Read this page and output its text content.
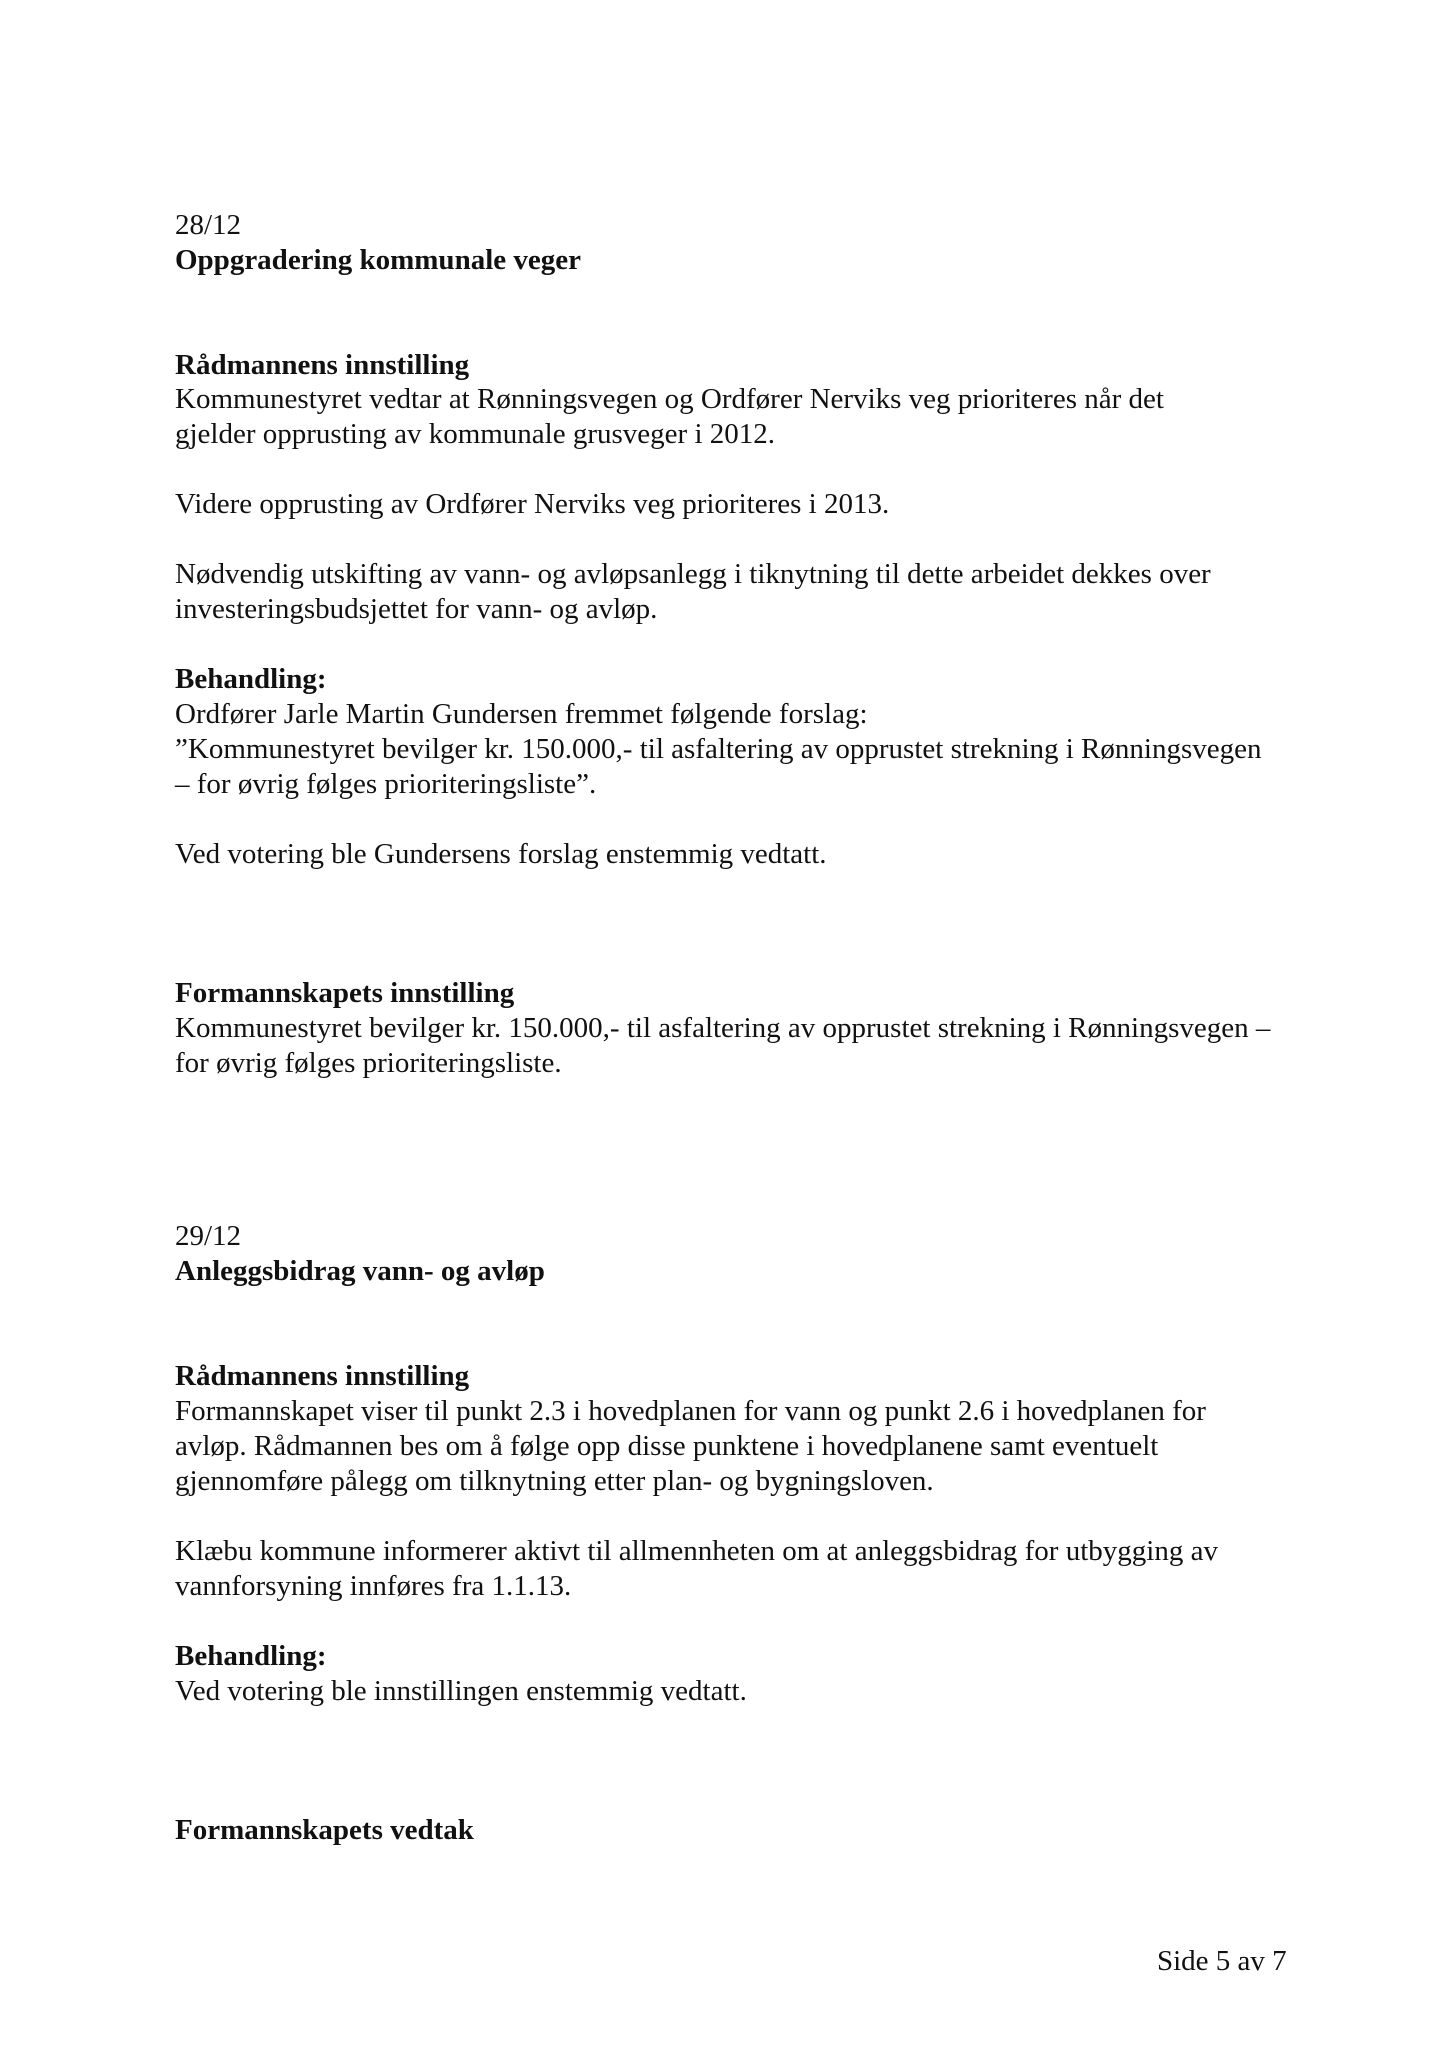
28/12

Oppgradering kommunale veger

Rådmannens innstilling

Kommunestyret vedtar at Rønningsvegen og Ordfører Nerviks veg prioriteres når det

gjelder opprusting av kommunale grusveger i 2012.

Videre opprusting av Ordfører Nerviks veg prioriteres i 2013.

Nødvendig utskifting av vann- og avløpsanlegg i tiknytning til dette arbeidet dekkes over

investeringsbudsjettet for vann- og avløp.

Behandling:

Ordfører Jarle Martin Gundersen fremmet følgende forslag:

”Kommunestyret bevilger kr. 150.000,- til asfaltering av opprustet strekning i Rønningsvegen

– for øvrig følges prioriteringsliste”.

Ved votering ble Gundersens forslag enstemmig vedtatt.

Formannskapets innstilling

Kommunestyret bevilger kr. 150.000,- til asfaltering av opprustet strekning i Rønningsvegen –

for øvrig følges prioriteringsliste.

29/12

Anleggsbidrag vann- og avløp

Rådmannens innstilling

Formannskapet viser til punkt 2.3 i hovedplanen for vann og punkt 2.6 i hovedplanen for

avløp. Rådmannen bes om å følge opp disse punktene i hovedplanene samt eventuelt

gjennomføre pålegg om tilknytning etter plan- og bygningsloven.

Klæbu kommune informerer aktivt til allmennheten om at anleggsbidrag for utbygging av

vannforsyning innføres fra 1.1.13.

Behandling:

Ved votering ble innstillingen enstemmig vedtatt.

Formannskapets vedtak

Side 5 av 7
